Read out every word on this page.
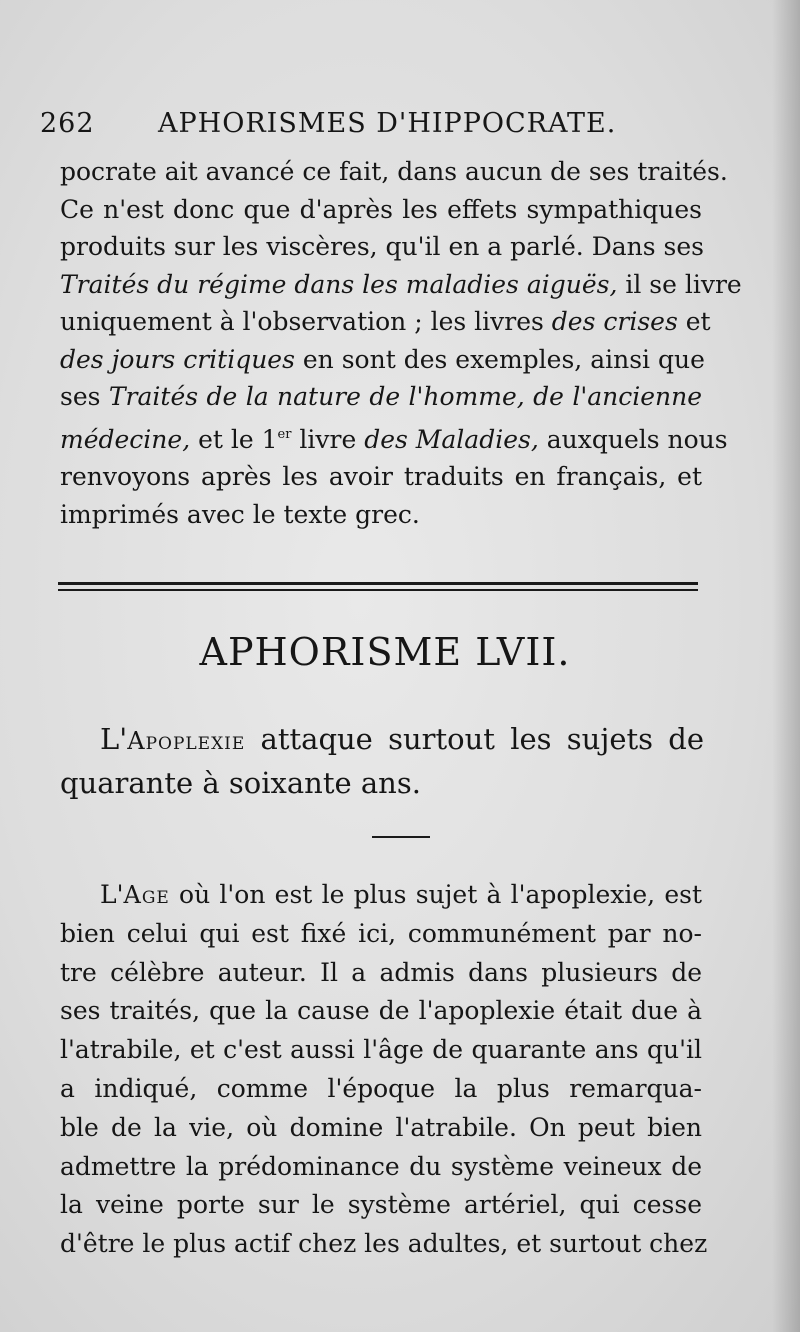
262 APHORISMES D'HIPPOCRATE.
pocrate ait avancé ce fait, dans aucun de ses traités.
Ce n'est donc que d'après les effets sympathiques
produits sur les viscères, qu'il en a parlé. Dans ses
Traités du régime dans les maladies aiguës, il se livre
uniquement à l'observation ; les livres des crises et
des jours critiques en sont des exemples, ainsi que
ses Traités de la nature de l'homme, de l'ancienne
médecine, et le 1er livre des Maladies, auxquels nous
renvoyons après les avoir traduits en français, et
imprimés avec le texte grec.
APHORISME LVII.
L'Apoplexie attaque surtout les sujets de
quarante à soixante ans.
L'Age où l'on est le plus sujet à l'apoplexie, est
bien celui qui est fixé ici, communément par no-
tre célèbre auteur. Il a admis dans plusieurs de
ses traités, que la cause de l'apoplexie était due à
l'atrabile, et c'est aussi l'âge de quarante ans qu'il
a indiqué, comme l'époque la plus remarqua-
ble de la vie, où domine l'atrabile. On peut bien
admettre la prédominance du système veineux de
la veine porte sur le système artériel, qui cesse
d'être le plus actif chez les adultes, et surtout chez
